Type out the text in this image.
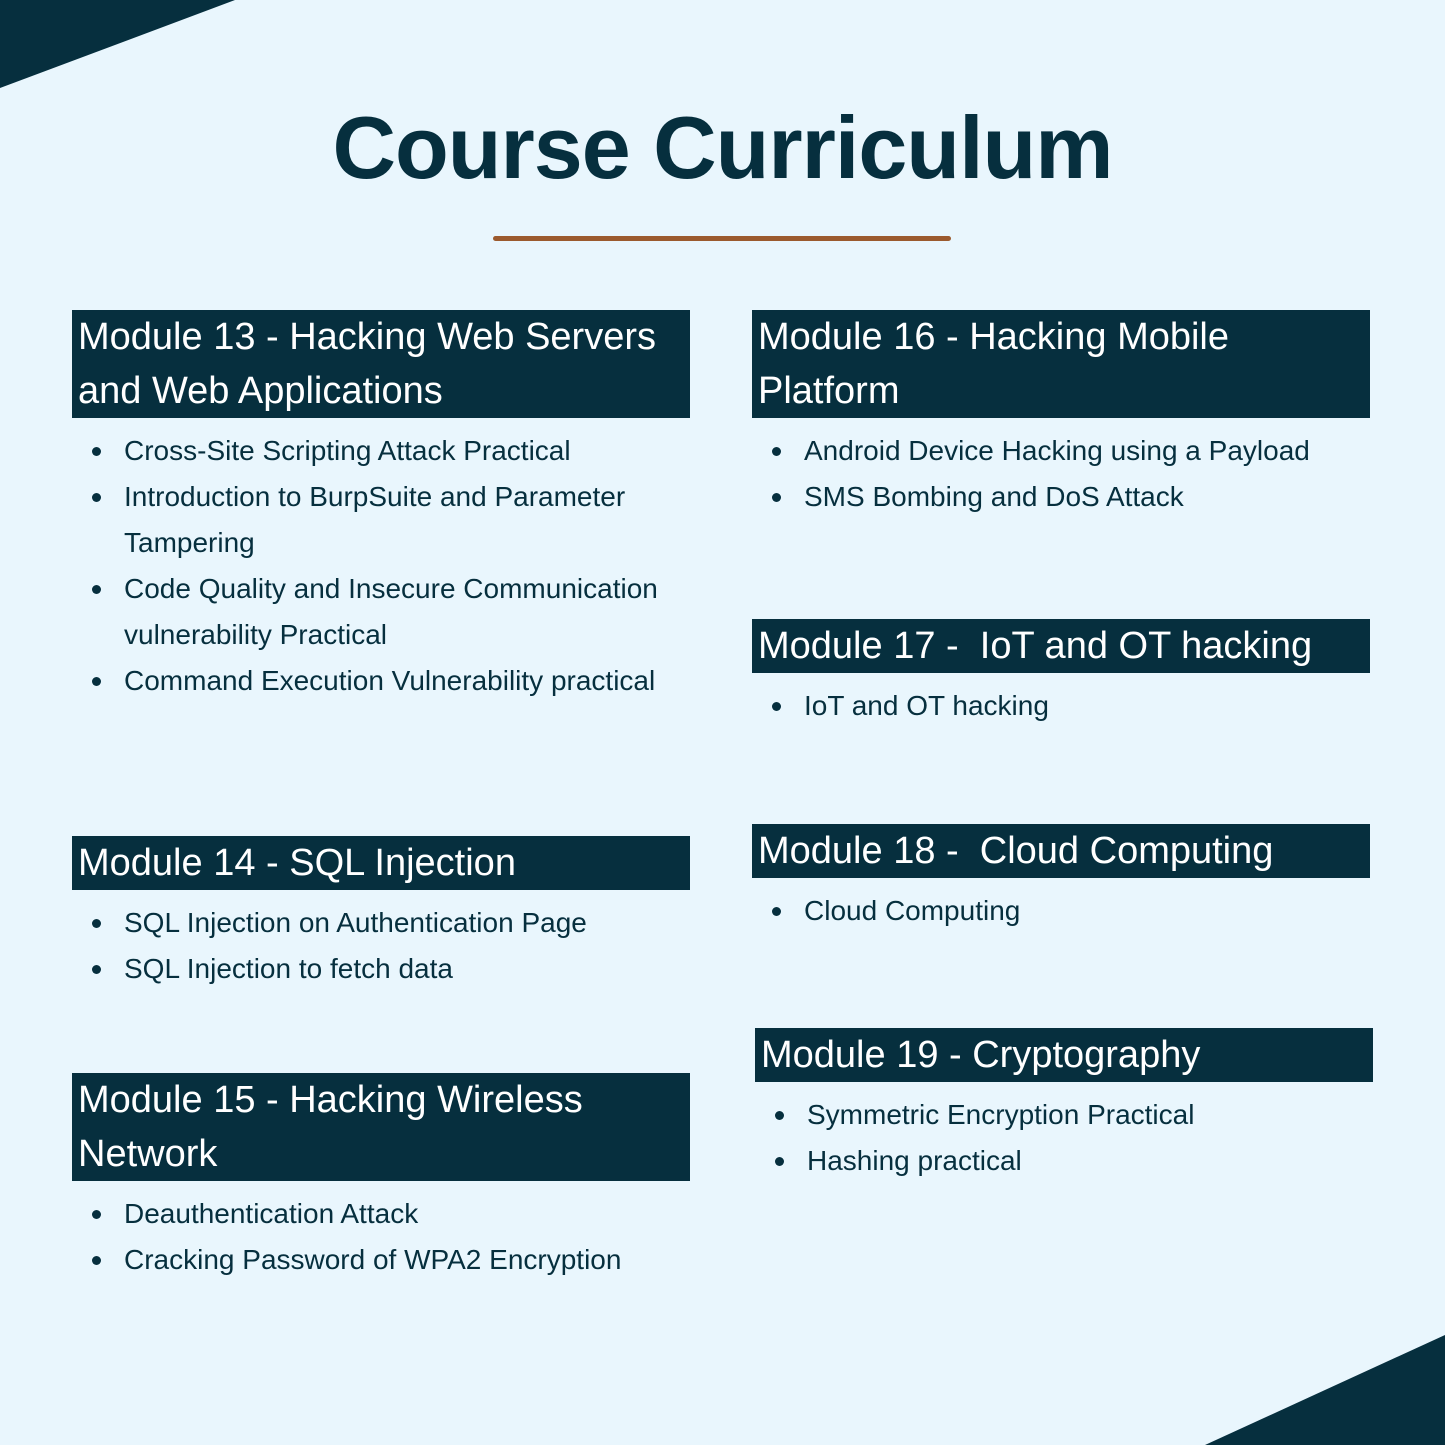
Course Curriculum
Module 13 - Hacking Web Servers and Web Applications
Cross-Site Scripting Attack Practical
Introduction to BurpSuite and Parameter Tampering
Code Quality and Insecure Communication vulnerability Practical
Command Execution Vulnerability practical
Module 14 - SQL Injection
SQL Injection on Authentication Page
SQL Injection to fetch data
Module 15 - Hacking Wireless Network
Deauthentication Attack
Cracking Password of WPA2 Encryption
Module 16 - Hacking Mobile Platform
Android Device Hacking using a Payload
SMS Bombing and DoS Attack
Module 17 -  IoT and OT hacking
IoT and OT hacking
Module 18 -  Cloud Computing
Cloud Computing
Module 19 - Cryptography
Symmetric Encryption Practical
Hashing practical
